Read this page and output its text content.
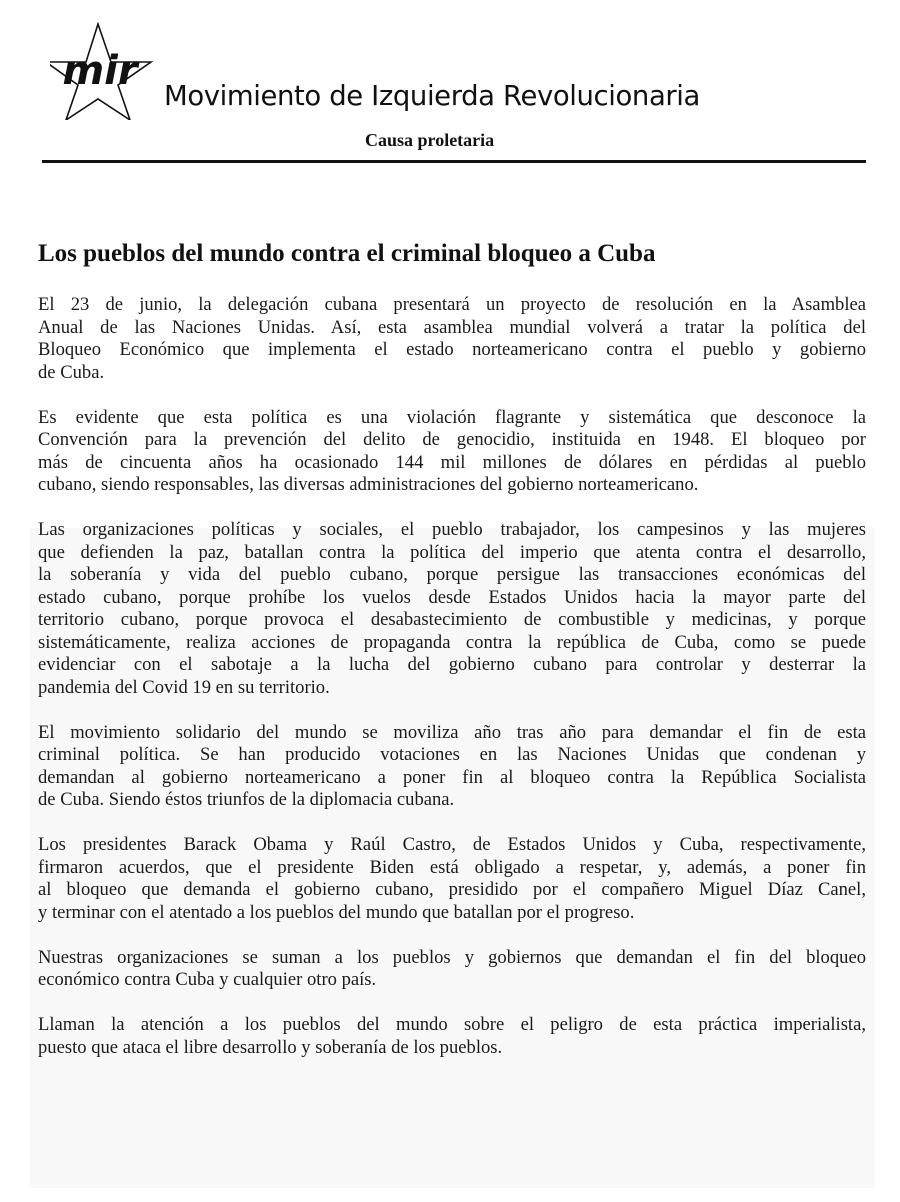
mir
Movimiento de Izquierda Revolucionaria
Causa proletaria
Los pueblos del mundo contra el criminal bloqueo a Cuba

El 23 de junio, la delegación cubana presentará un proyecto de resolución en la Asamblea
Anual de las Naciones Unidas. Así, esta asamblea mundial volverá a tratar la política del
Bloqueo Económico que implementa el estado norteamericano contra el pueblo y gobierno
de Cuba.

Es evidente que esta política es una violación flagrante y sistemática que desconoce la
Convención para la prevención del delito de genocidio, instituida en 1948. El bloqueo por
más de cincuenta años ha ocasionado 144 mil millones de dólares en pérdidas al pueblo
cubano, siendo responsables, las diversas administraciones del gobierno norteamericano.

Las organizaciones políticas y sociales, el pueblo trabajador, los campesinos y las mujeres
que defienden la paz, batallan contra la política del imperio que atenta contra el desarrollo,
la soberanía y vida del pueblo cubano, porque persigue las transacciones económicas del
estado cubano, porque prohíbe los vuelos desde Estados Unidos hacia la mayor parte del
territorio cubano, porque provoca el desabastecimiento de combustible y medicinas, y porque
sistemáticamente, realiza acciones de propaganda contra la república de Cuba, como se puede
evidenciar con el sabotaje a la lucha del gobierno cubano para controlar y desterrar la
pandemia del Covid 19 en su territorio.

El movimiento solidario del mundo se moviliza año tras año para demandar el fin de esta
criminal política. Se han producido votaciones en las Naciones Unidas que condenan y
demandan al gobierno norteamericano a poner fin al bloqueo contra la República Socialista
de Cuba. Siendo éstos triunfos de la diplomacia cubana.

Los presidentes Barack Obama y Raúl Castro, de Estados Unidos y Cuba, respectivamente,
firmaron acuerdos, que el presidente Biden está obligado a respetar, y, además, a poner fin
al bloqueo que demanda el gobierno cubano, presidido por el compañero Miguel Díaz Canel,
y terminar con el atentado a los pueblos del mundo que batallan por el progreso.

Nuestras organizaciones se suman a los pueblos y gobiernos que demandan el fin del bloqueo
económico contra Cuba y cualquier otro país.

Llaman la atención a los pueblos del mundo sobre el peligro de esta práctica imperialista,
puesto que ataca el libre desarrollo y soberanía de los pueblos.
